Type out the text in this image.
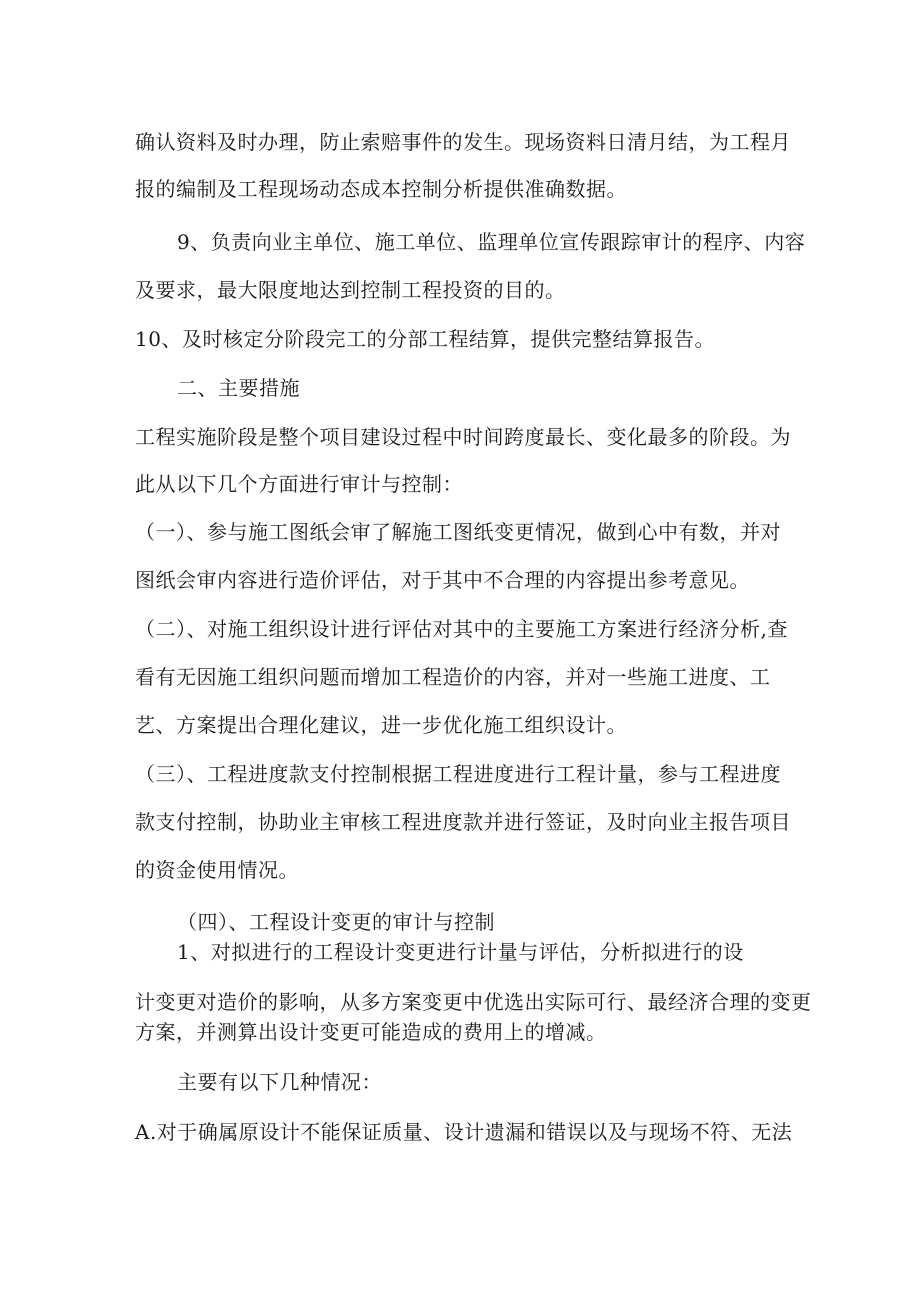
确认资料及时办理，防止索赔事件的发生。现场资料日清月结，为工程月
报的编制及工程现场动态成本控制分析提供准确数据。
9、负责向业主单位、施工单位、监理单位宣传跟踪审计的程序、内容
及要求，最大限度地达到控制工程投资的目的。
10、及时核定分阶段完工的分部工程结算，提供完整结算报告。
二、主要措施
工程实施阶段是整个项目建设过程中时间跨度最长、变化最多的阶段。为
此从以下几个方面进行审计与控制：
（一）、参与施工图纸会审了解施工图纸变更情况，做到心中有数，并对
图纸会审内容进行造价评估，对于其中不合理的内容提出参考意见。
（二）、对施工组织设计进行评估对其中的主要施工方案进行经济分析,查
看有无因施工组织问题而增加工程造价的内容，并对一些施工进度、工
艺、方案提出合理化建议，进一步优化施工组织设计。
（三）、工程进度款支付控制根据工程进度进行工程计量，参与工程进度
款支付控制，协助业主审核工程进度款并进行签证，及时向业主报告项目
的资金使用情况。
（四）、工程设计变更的审计与控制
1、对拟进行的工程设计变更进行计量与评估，分析拟进行的设
计变更对造价的影响，从多方案变更中优选出实际可行、最经济合理的变更
方案，并测算出设计变更可能造成的费用上的增减。
主要有以下几种情况：
A.对于确属原设计不能保证质量、设计遗漏和错误以及与现场不符、无法
